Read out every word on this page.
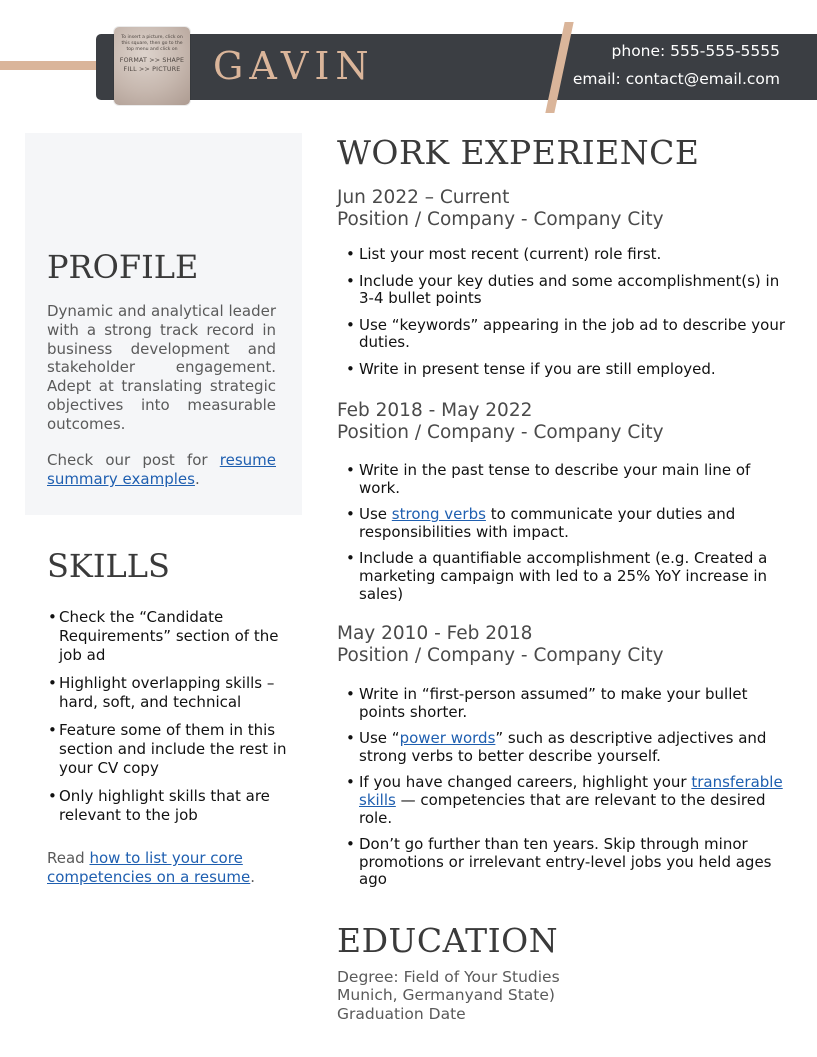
To insert a picture, click on this square, then go to the top menu and click on
FORMAT >> SHAPE FILL >> PICTURE GAVIN	phone: 555-555-5555
email: contact@email.com
PROFILE

Dynamic and analytical leader with a strong track record in business development and stakeholder engagement. Adept at translating strategic objectives into measurable outcomes.

Check our post for resume summary examples.

SKILLS
• Check the “Candidate Requirements” section of the job ad
• Highlight overlapping skills – hard, soft, and technical
• Feature some of them in this section and include the rest in your CV copy
• Only highlight skills that are relevant to the job

Read how to list your core competencies on a resume.

WORK EXPERIENCE

Jun 2022 – Current

Position / Company - Company City

• List your most recent (current) role first.
• Include your key duties and some accomplishment(s) in 3-4 bullet points
• Use “keywords” appearing in the job ad to describe your duties.
• Write in present tense if you are still employed.

Feb 2018 - May 2022

Position / Company - Company City

• Write in the past tense to describe your main line of work.
• Use strong verbs to communicate your duties and responsibilities with impact.
• Include a quantifiable accomplishment (e.g. Created a marketing campaign with led to a 25% YoY increase in sales)

May 2010 - Feb 2018

Position / Company - Company City

• Write in “first-person assumed” to make your bullet points shorter.
• Use “power words” such as descriptive adjectives and strong verbs to better describe yourself.
• If you have changed careers, highlight your transferable skills — competencies that are relevant to the desired role.
• Don’t go further than ten years. Skip through minor promotions or irrelevant entry-level jobs you held ages ago
EDUCATION

Degree: Field of Your Studies

Munich, Germanyand State)

Graduation Date
